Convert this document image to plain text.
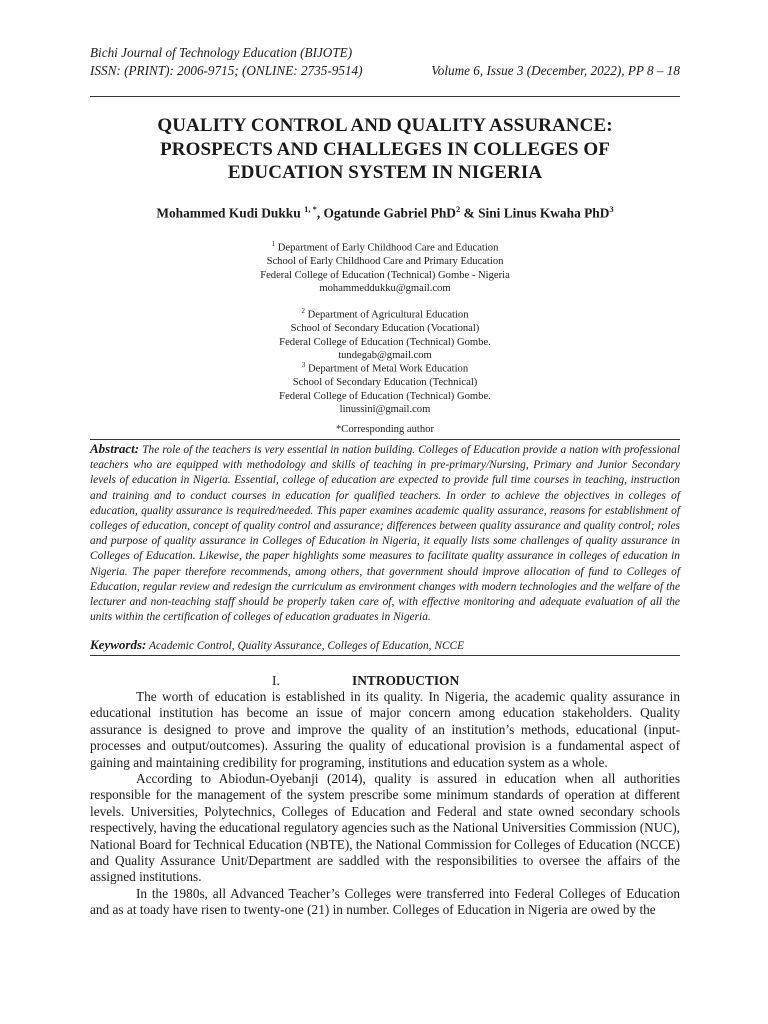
Bichi Journal of Technology Education (BIJOTE)
ISSN: (PRINT): 2006-9715; (ONLINE: 2735-9514)	Volume 6, Issue 3 (December, 2022), PP 8 – 18
QUALITY CONTROL AND QUALITY ASSURANCE:
PROSPECTS AND CHALLEGES IN COLLEGES OF
EDUCATION SYSTEM IN NIGERIA
Mohammed Kudi Dukku $^{1, *}$, Ogatunde Gabriel PhD$^2$ & Sini Linus Kwaha PhD$^3$
$^1$ Department of Early Childhood Care and Education
School of Early Childhood Care and Primary Education
Federal College of Education (Technical) Gombe - Nigeria
mohammeddukku@gmail.com
$^2$ Department of Agricultural Education
School of Secondary Education (Vocational)
Federal College of Education (Technical) Gombe.
tundegab@gmail.com
$^3$ Department of Metal Work Education
School of Secondary Education (Technical)
Federal College of Education (Technical) Gombe.
linussini@gmail.com
*Corresponding author

Abstract: The role of the teachers is very essential in nation building. Colleges of Education provide a nation with professional teachers who are equipped with methodology and skills of teaching in pre-primary/Nursing, Primary and Junior Secondary levels of education in Nigeria. Essential, college of education are expected to provide full time courses in teaching, instruction and training and to conduct courses in education for qualified teachers. In order to achieve the objectives in colleges of education, quality assurance is required/needed. This paper examines academic quality assurance, reasons for establishment of colleges of education, concept of quality control and assurance; differences between quality assurance and quality control; roles and purpose of quality assurance in Colleges of Education in Nigeria, it equally lists some challenges of quality assurance in Colleges of Education. Likewise, the paper highlights some measures to facilitate quality assurance in colleges of education in Nigeria. The paper therefore recommends, among others, that government should improve allocation of fund to Colleges of Education, regular review and redesign the curriculum as environment changes with modern technologies and the welfare of the lecturer and non-teaching staff should be properly taken care of, with effective monitoring and adequate evaluation of all the units within the certification of colleges of education graduates in Nigeria.

Keywords: Academic Control, Quality Assurance, Colleges of Education, NCCE
I.	INTRODUCTION

The worth of education is established in its quality. In Nigeria, the academic quality assurance in educational institution has become an issue of major concern among education stakeholders. Quality assurance is designed to prove and improve the quality of an institution’s methods, educational (input-processes and output/outcomes). Assuring the quality of educational provision is a fundamental aspect of gaining and maintaining credibility for programing, institutions and education system as a whole.

According to Abiodun-Oyebanji (2014), quality is assured in education when all authorities responsible for the management of the system prescribe some minimum standards of operation at different levels. Universities, Polytechnics, Colleges of Education and Federal and state owned secondary schools respectively, having the educational regulatory agencies such as the National Universities Commission (NUC), National Board for Technical Education (NBTE), the National Commission for Colleges of Education (NCCE) and Quality Assurance Unit/Department are saddled with the responsibilities to oversee the affairs of the assigned institutions.

In the 1980s, all Advanced Teacher’s Colleges were transferred into Federal Colleges of Education and as at toady have risen to twenty-one (21) in number. Colleges of Education in Nigeria are owed by the
